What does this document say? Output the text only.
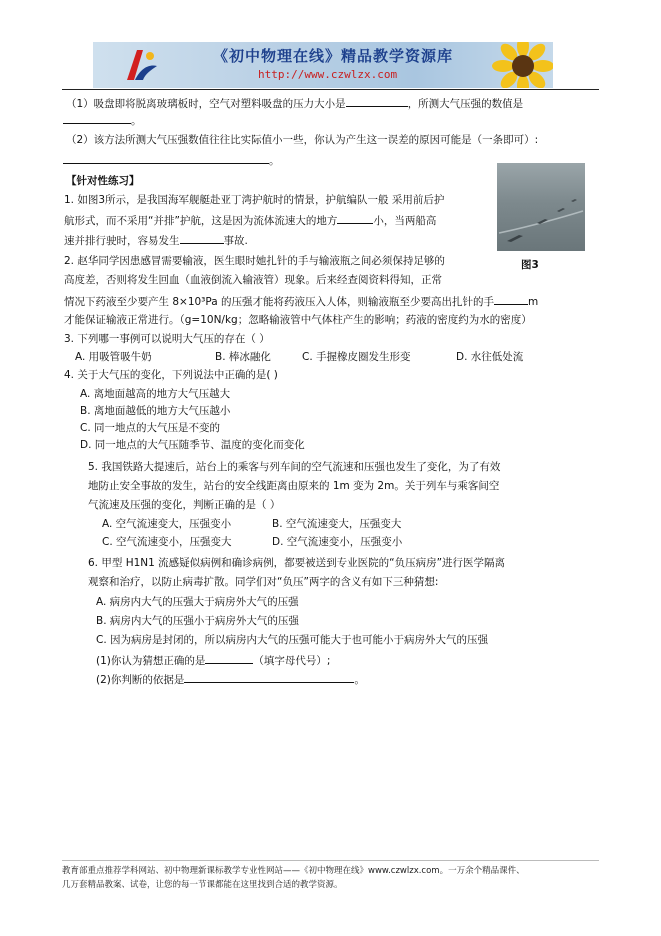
《初中物理在线》精品教学资源库
http://www.czwlzx.com
（1）吸盘即将脱离玻璃板时，空气对塑料吸盘的压力大小是	，所测大气压强的数值是
。
（2）该方法所测大气压强数值往往比实际值小一些，你认为产生这一误差的原因可能是（一条即可）:
。
【针对性练习】
1. 如图3所示，是我国海军舰艇赴亚丁湾护航时的情景，护航编队一般 采用前后护
航形式，而不采用“并排”护航，这是因为流体流速大的地方	小，当两船高
速并排行驶时，容易发生	事故.
图3
2. 赵华同学因患感冒需要输液，医生眼时她扎针的手与输液瓶之间必须保持足够的
高度差，否则将发生回血（血液倒流入输液管）现象。后来经查阅资料得知，正常
情况下药液至少要产生 8×10³Pa 的压强才能将药液压入人体，则输液瓶至少要高出扎针的手	m
才能保证输液正常进行。（g=10N/kg；忽略输液管中气体柱产生的影响；药液的密度约为水的密度）
3. 下列哪一事例可以说明大气压的存在（ ）
A. 用吸管吸牛奶	B. 棒冰融化	C. 手握橡皮圈发生形变	D. 水往低处流
4. 关于大气压的变化，下列说法中正确的是( )
A. 离地面越高的地方大气压越大
B. 离地面越低的地方大气压越小
C. 同一地点的大气压是不变的
D. 同一地点的大气压随季节、温度的变化而变化
5. 我国铁路大提速后，站台上的乘客与列车间的空气流速和压强也发生了变化，为了有效
地防止安全事故的发生，站台的安全线距离由原来的 1m 变为 2m。关于列车与乘客间空
气流速及压强的变化，判断正确的是（ ）
A. 空气流速变大，压强变小	B. 空气流速变大，压强变大
C. 空气流速变小，压强变大	D. 空气流速变小，压强变小
6. 甲型 H1N1 流感疑似病例和确诊病例，都要被送到专业医院的“负压病房”进行医学隔离
观察和治疗，以防止病毒扩散。同学们对“负压”两字的含义有如下三种猜想:
A. 病房内大气的压强大于病房外大气的压强
B. 病房内大气的压强小于病房外大气的压强
C. 因为病房是封闭的，所以病房内大气的压强可能大于也可能小于病房外大气的压强
(1)你认为猜想正确的是	（填字母代号）;
(2)你判断的依据是	。
教育部重点推荐学科网站、初中物理新课标教学专业性网站——《初中物理在线》www.czwlzx.com。一万余个精品课件、
几万套精品教案、试卷，让您的每一节课都能在这里找到合适的教学资源。
